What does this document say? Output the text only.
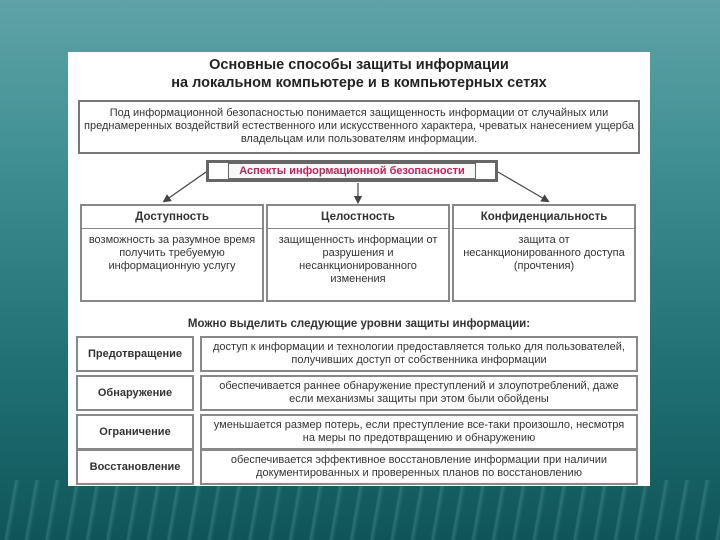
Основные способы защиты информации
на локальном компьютере и в компьютерных сетях
Под информационной безопасностью понимается защищенность информации от случайных или преднамеренных воздействий естественного или искусственного характера, чреватых нанесением ущерба владельцам или пользователям информации.
Аспекты информационной безопасности
Доступность
возможность за разумное время получить требуемую информационную услугу
Целостность
защищенность информации от разрушения и несанкционированного изменения
Конфиденциальность
защита от несанкционированного доступа (прочтения)
Можно выделить следующие уровни защиты информации:
Предотвращение
доступ к информации и технологии предоставляется только для пользователей, получивших доступ от собственника информации
Обнаружение
обеспечивается раннее обнаружение преступлений и злоупотреблений, даже если механизмы защиты при этом были обойдены
Ограничение
уменьшается размер потерь, если преступление все-таки произошло, несмотря на меры по предотвращению и обнаружению
Восстановление
обеспечивается эффективное восстановление информации при наличии документированных и проверенных планов по восстановлению
